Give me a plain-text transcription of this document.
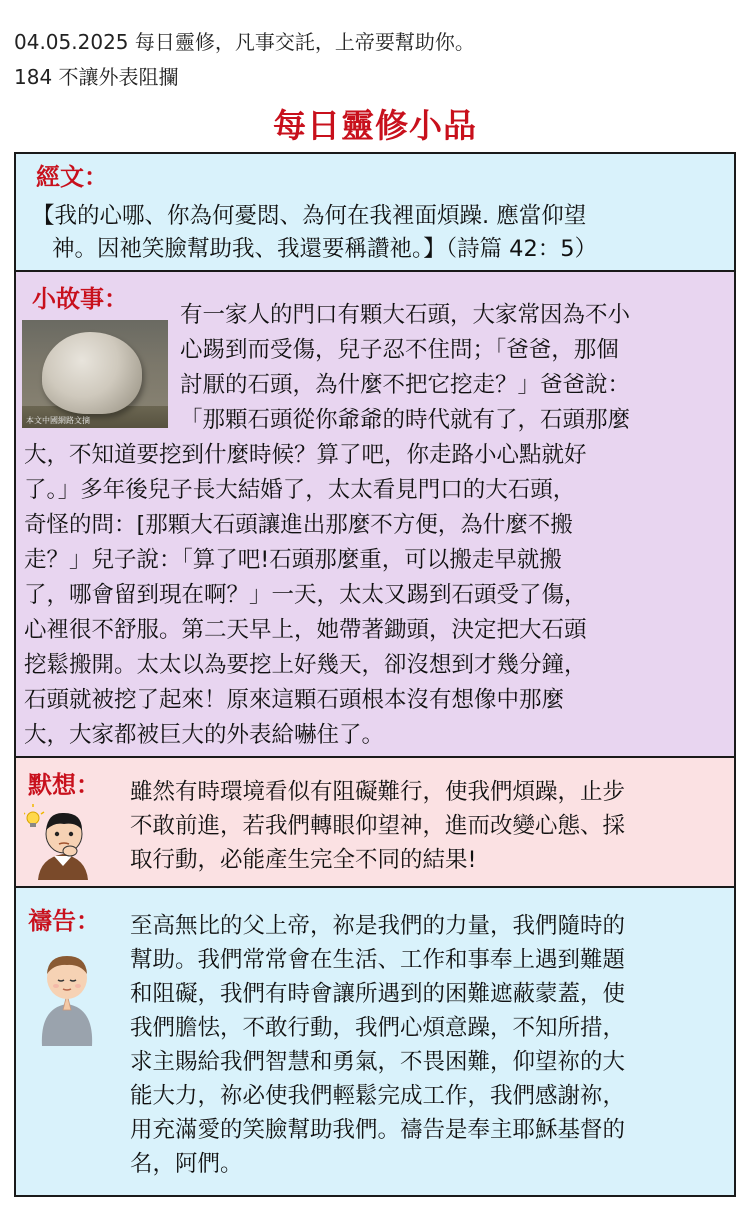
04.05.2025 每日靈修，凡事交託，上帝要幫助你。
184 不讓外表阻攔
每日靈修小品
經文：
【我的心哪、你為何憂悶、為何在我裡面煩躁. 應當仰望
神。因祂笑臉幫助我、我還要稱讚祂。】（詩篇 42：5）
小故事：
本文中國網路文摘
有一家人的門口有顆大石頭，大家常因為不小
心踢到而受傷，兒子忍不住問；「爸爸，那個
討厭的石頭，為什麼不把它挖走？」爸爸說：
「那顆石頭從你爺爺的時代就有了，石頭那麼
大，不知道要挖到什麼時候？算了吧，你走路小心點就好
了。」多年後兒子長大結婚了，太太看見門口的大石頭，
奇怪的問：[那顆大石頭讓進出那麼不方便，為什麼不搬
走？」兒子說：「算了吧!石頭那麼重，可以搬走早就搬
了，哪會留到現在啊？」一天，太太又踢到石頭受了傷，
心裡很不舒服。第二天早上，她帶著鋤頭，決定把大石頭
挖鬆搬開。太太以為要挖上好幾天，卻沒想到才幾分鐘，
石頭就被挖了起來！原來這顆石頭根本沒有想像中那麼
大，大家都被巨大的外表給嚇住了。
默想： 雖然有時環境看似有阻礙難行，使我們煩躁，止步
不敢前進，若我們轉眼仰望神，進而改變心態、採
取行動，必能產生完全不同的結果!
禱告： 至高無比的父上帝，祢是我們的力量，我們隨時的
幫助。我們常常會在生活、工作和事奉上遇到難題
和阻礙，我們有時會讓所遇到的困難遮蔽蒙蓋，使
我們膽怯，不敢行動，我們心煩意躁，不知所措，
求主賜給我們智慧和勇氣，不畏困難，仰望祢的大
能大力，祢必使我們輕鬆完成工作，我們感謝祢，
用充滿愛的笑臉幫助我們。禱告是奉主耶穌基督的
名，阿們。
